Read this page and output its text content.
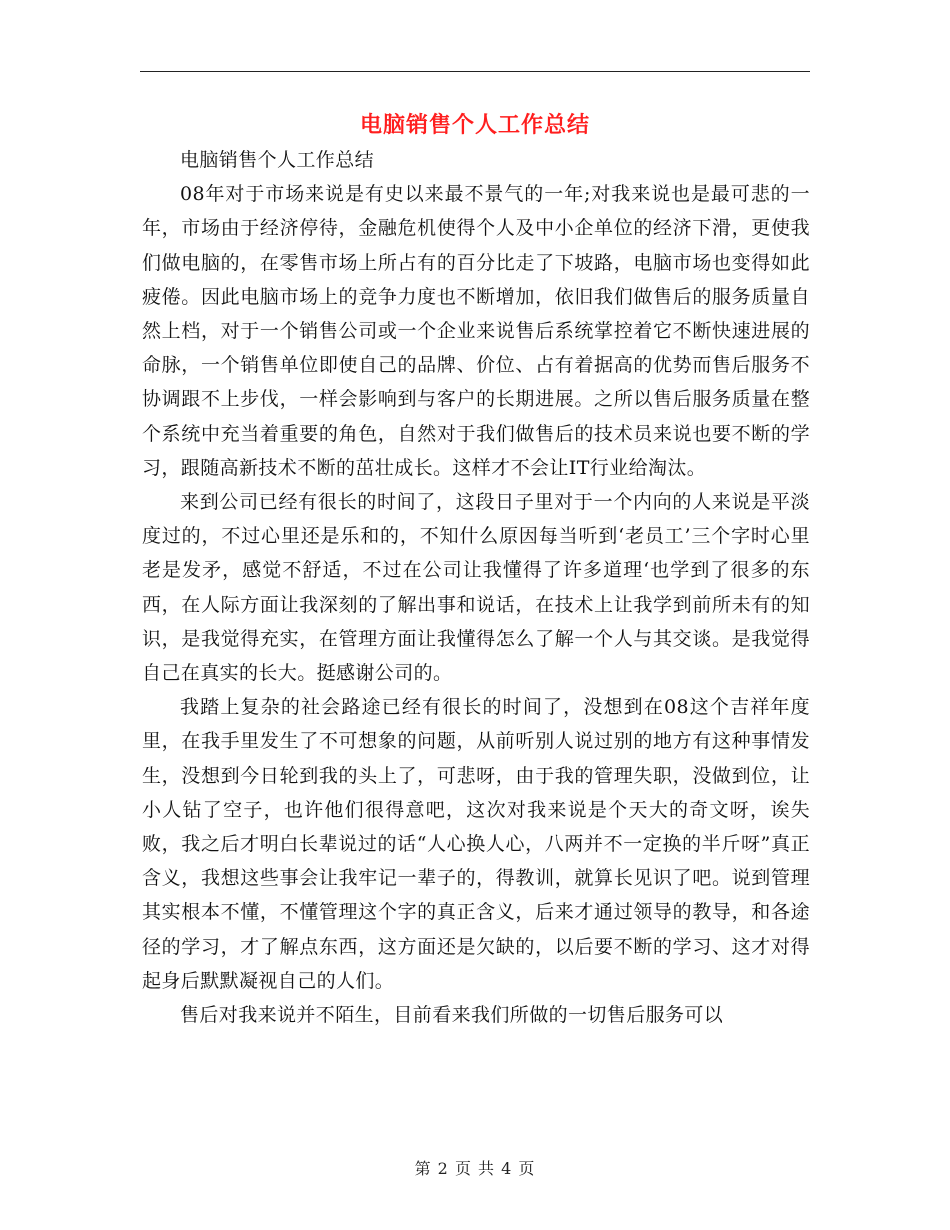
电脑销售个人工作总结

电脑销售个人工作总结

08年对于市场来说是有史以来最不景气的一年;对我来说也是最可悲的一年，市场由于经济停待，金融危机使得个人及中小企单位的经济下滑，更使我们做电脑的，在零售市场上所占有的百分比走了下坡路，电脑市场也变得如此疲倦。因此电脑市场上的竞争力度也不断增加，依旧我们做售后的服务质量自然上档，对于一个销售公司或一个企业来说售后系统掌控着它不断快速进展的命脉，一个销售单位即使自己的品牌、价位、占有着据高的优势而售后服务不协调跟不上步伐，一样会影响到与客户的长期进展。之所以售后服务质量在整个系统中充当着重要的角色，自然对于我们做售后的技术员来说也要不断的学习，跟随高新技术不断的茁壮成长。这样才不会让IT行业给淘汰。

来到公司已经有很长的时间了，这段日子里对于一个内向的人来说是平淡度过的，不过心里还是乐和的，不知什么原因每当听到‘老员工’三个字时心里老是发矛，感觉不舒适，不过在公司让我懂得了许多道理‘也学到了很多的东西，在人际方面让我深刻的了解出事和说话，在技术上让我学到前所未有的知识，是我觉得充实，在管理方面让我懂得怎么了解一个人与其交谈。是我觉得自己在真实的长大。挺感谢公司的。

我踏上复杂的社会路途已经有很长的时间了，没想到在08这个吉祥年度里，在我手里发生了不可想象的问题，从前听别人说过别的地方有这种事情发生，没想到今日轮到我的头上了，可悲呀，由于我的管理失职，没做到位，让小人钻了空子，也许他们很得意吧，这次对我来说是个天大的奇文呀，诶失败，我之后才明白长辈说过的话“人心换人心，八两并不一定换的半斤呀”真正含义，我想这些事会让我牢记一辈子的，得教训，就算长见识了吧。说到管理其实根本不懂，不懂管理这个字的真正含义，后来才通过领导的教导，和各途径的学习，才了解点东西，这方面还是欠缺的，以后要不断的学习、这才对得起身后默默凝视自己的人们。

售后对我来说并不陌生，目前看来我们所做的一切售后服务可以

第 2 页 共 4 页
